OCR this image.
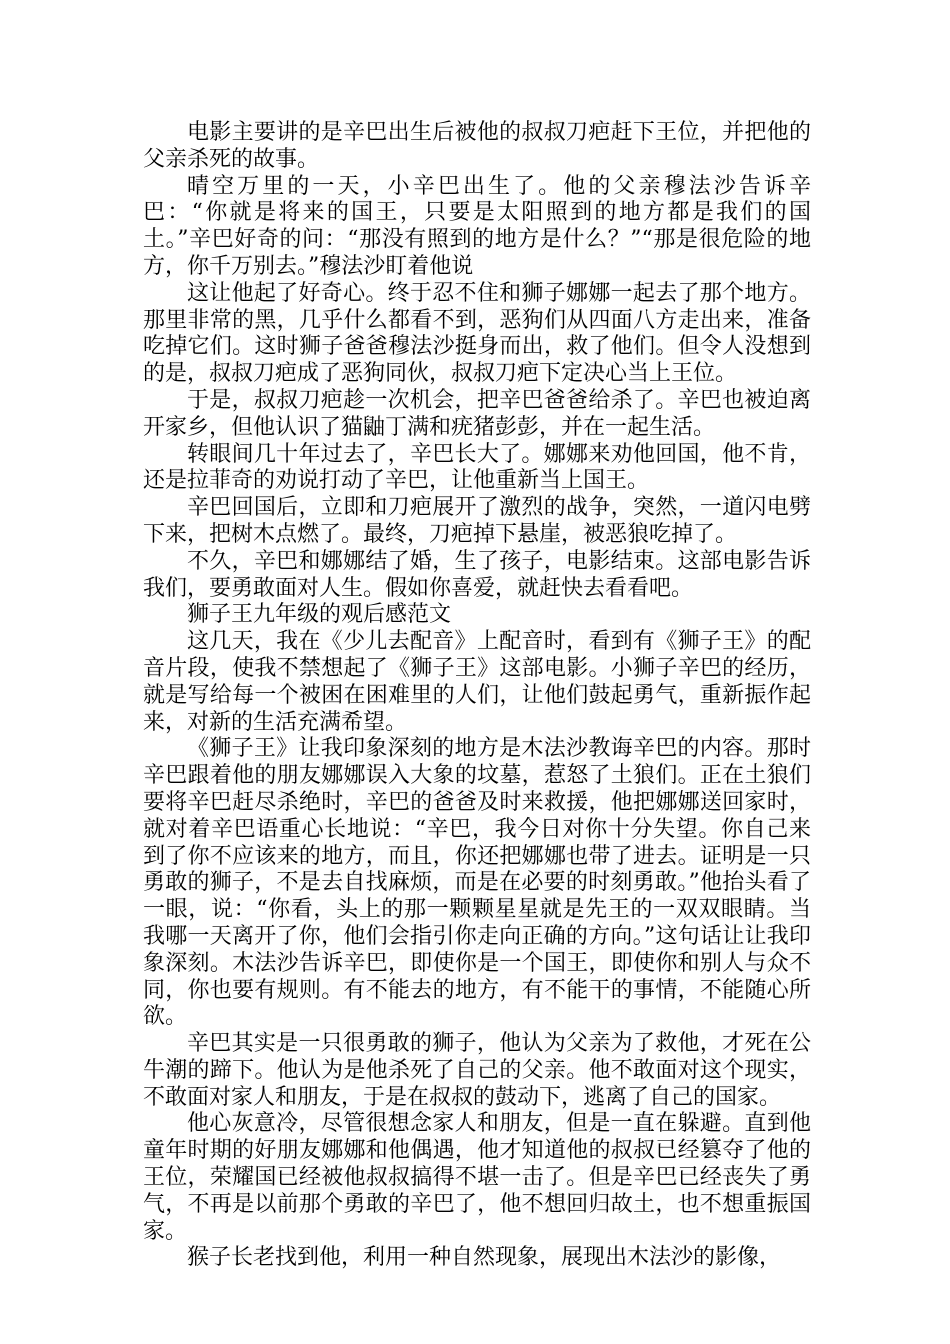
电影主要讲的是辛巴出生后被他的叔叔刀疤赶下王位，并把他的父亲杀死的故事。

晴空万里的一天，小辛巴出生了。他的父亲穆法沙告诉辛巴：“你就是将来的国王，只要是太阳照到的地方都是我们的国土。”辛巴好奇的问：“那没有照到的地方是什么？”“那是很危险的地方，你千万别去。”穆法沙盯着他说

这让他起了好奇心。终于忍不住和狮子娜娜一起去了那个地方。那里非常的黑，几乎什么都看不到，恶狗们从四面八方走出来，准备吃掉它们。这时狮子爸爸穆法沙挺身而出，救了他们。但令人没想到的是，叔叔刀疤成了恶狗同伙，叔叔刀疤下定决心当上王位。

于是，叔叔刀疤趁一次机会，把辛巴爸爸给杀了。辛巴也被迫离开家乡，但他认识了猫鼬丁满和疣猪彭彭，并在一起生活。

转眼间几十年过去了，辛巴长大了。娜娜来劝他回国，他不肯，还是拉菲奇的劝说打动了辛巴，让他重新当上国王。

辛巴回国后，立即和刀疤展开了激烈的战争，突然，一道闪电劈下来，把树木点燃了。最终，刀疤掉下悬崖，被恶狼吃掉了。

不久，辛巴和娜娜结了婚，生了孩子，电影结束。这部电影告诉我们，要勇敢面对人生。假如你喜爱，就赶快去看看吧。

狮子王九年级的观后感范文

这几天，我在《少儿去配音》上配音时，看到有《狮子王》的配音片段，使我不禁想起了《狮子王》这部电影。小狮子辛巴的经历，就是写给每一个被困在困难里的人们，让他们鼓起勇气，重新振作起来，对新的生活充满希望。

《狮子王》让我印象深刻的地方是木法沙教诲辛巴的内容。那时辛巴跟着他的朋友娜娜误入大象的坟墓，惹怒了土狼们。正在土狼们要将辛巴赶尽杀绝时，辛巴的爸爸及时来救援，他把娜娜送回家时，就对着辛巴语重心长地说：“辛巴，我今日对你十分失望。你自己来到了你不应该来的地方，而且，你还把娜娜也带了进去。证明是一只勇敢的狮子，不是去自找麻烦，而是在必要的时刻勇敢。”他抬头看了一眼，说：“你看，头上的那一颗颗星星就是先王的一双双眼睛。当我哪一天离开了你，他们会指引你走向正确的方向。”这句话让让我印象深刻。木法沙告诉辛巴，即使你是一个国王，即使你和别人与众不同，你也要有规则。有不能去的地方，有不能干的事情，不能随心所欲。

辛巴其实是一只很勇敢的狮子，他认为父亲为了救他，才死在公牛潮的蹄下。他认为是他杀死了自己的父亲。他不敢面对这个现实，不敢面对家人和朋友，于是在叔叔的鼓动下，逃离了自己的国家。

他心灰意冷，尽管很想念家人和朋友，但是一直在躲避。直到他童年时期的好朋友娜娜和他偶遇，他才知道他的叔叔已经篡夺了他的王位，荣耀国已经被他叔叔搞得不堪一击了。但是辛巴已经丧失了勇气，不再是以前那个勇敢的辛巴了，他不想回归故土，也不想重振国家。

猴子长老找到他，利用一种自然现象，展现出木法沙的影像，
